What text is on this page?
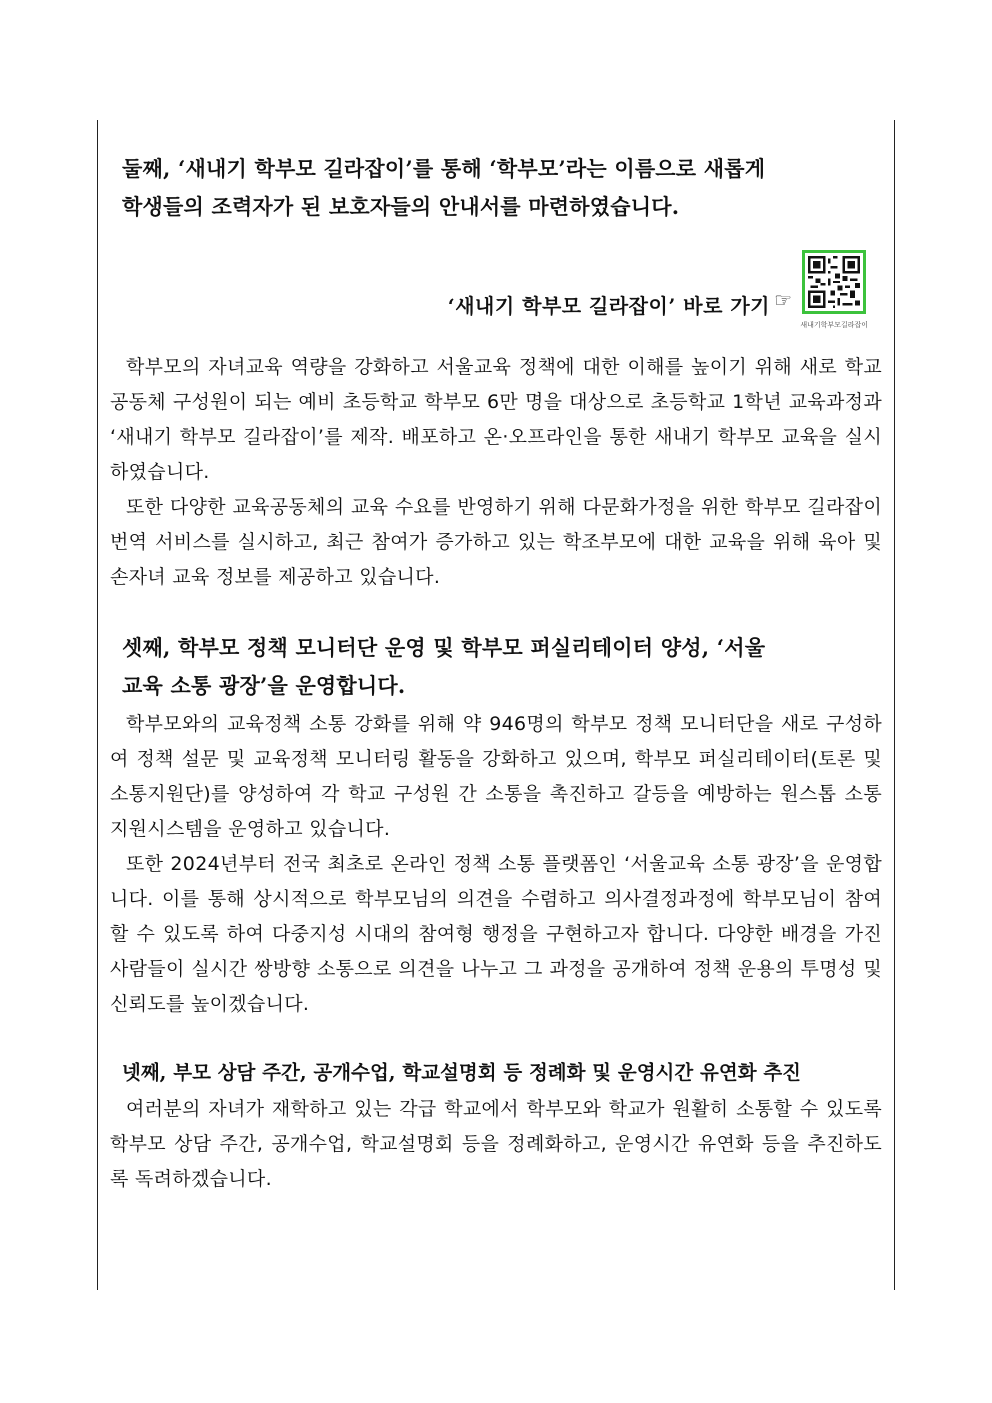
둘째, ‘새내기 학부모 길라잡이’를 통해 ‘학부모’라는 이름으로 새롭게
학생들의 조력자가 된 보호자들의 안내서를 마련하였습니다.
‘새내기 학부모 길라잡이’ 바로 가기 ☞
새내기학부모길라잡이
학부모의 자녀교육 역량을 강화하고 서울교육 정책에 대한 이해를 높이기 위해 새로 학교공동체 구성원이 되는 예비 초등학교 학부모 6만 명을 대상으로 초등학교 1학년 교육과정과 ‘새내기 학부모 길라잡이’를 제작. 배포하고 온·오프라인을 통한 새내기 학부모 교육을 실시하였습니다.
또한 다양한 교육공동체의 교육 수요를 반영하기 위해 다문화가정을 위한 학부모 길라잡이 번역 서비스를 실시하고, 최근 참여가 증가하고 있는 학조부모에 대한 교육을 위해 육아 및 손자녀 교육 정보를 제공하고 있습니다.
셋째, 학부모 정책 모니터단 운영 및 학부모 퍼실리테이터 양성, ‘서울
교육 소통 광장’을 운영합니다.
학부모와의 교육정책 소통 강화를 위해 약 946명의 학부모 정책 모니터단을 새로 구성하여 정책 설문 및 교육정책 모니터링 활동을 강화하고 있으며, 학부모 퍼실리테이터(토론 및 소통지원단)를 양성하여 각 학교 구성원 간 소통을 촉진하고 갈등을 예방하는 원스톱 소통 지원시스템을 운영하고 있습니다.
또한 2024년부터 전국 최초로 온라인 정책 소통 플랫폼인 ‘서울교육 소통 광장’을 운영합니다. 이를 통해 상시적으로 학부모님의 의견을 수렴하고 의사결정과정에 학부모님이 참여할 수 있도록 하여 다중지성 시대의 참여형 행정을 구현하고자 합니다. 다양한 배경을 가진 사람들이 실시간 쌍방향 소통으로 의견을 나누고 그 과정을 공개하여 정책 운용의 투명성 및 신뢰도를 높이겠습니다.
넷째, 부모 상담 주간, 공개수업, 학교설명회 등 정례화 및 운영시간 유연화 추진
여러분의 자녀가 재학하고 있는 각급 학교에서 학부모와 학교가 원활히 소통할 수 있도록 학부모 상담 주간, 공개수업, 학교설명회 등을 정례화하고, 운영시간 유연화 등을 추진하도록 독려하겠습니다.
